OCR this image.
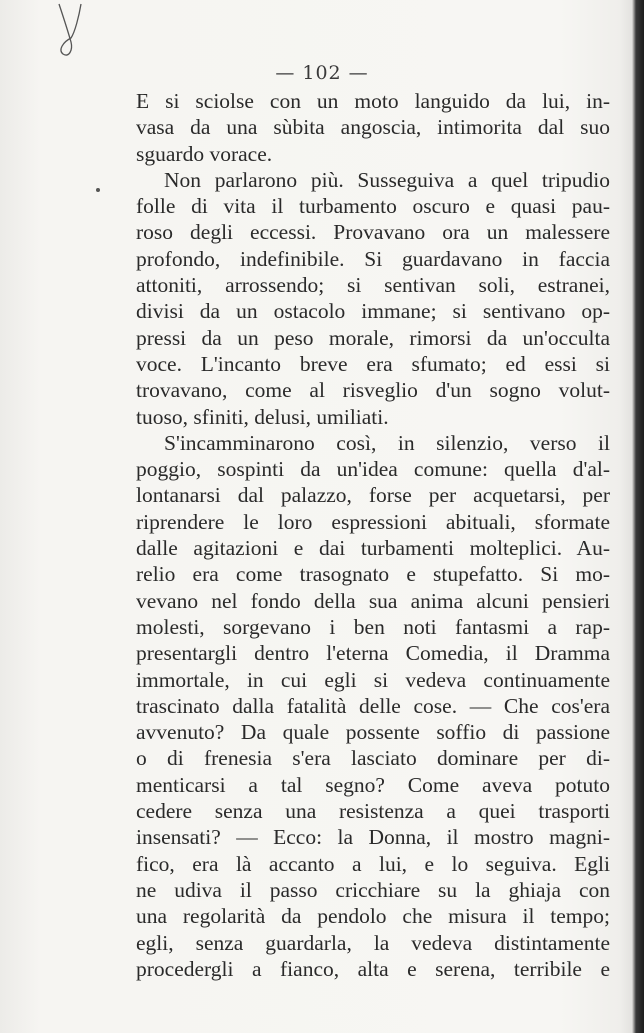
— 102 —
E si sciolse con un moto languido da lui, in-
vasa da una sùbita angoscia, intimorita dal suo
sguardo vorace.
Non parlarono più. Susseguiva a quel tripudio
folle di vita il turbamento oscuro e quasi pau-
roso degli eccessi. Provavano ora un malessere
profondo, indefinibile. Si guardavano in faccia
attoniti, arrossendo; si sentivan soli, estranei,
divisi da un ostacolo immane; si sentivano op-
pressi da un peso morale, rimorsi da un'occulta
voce. L'incanto breve era sfumato; ed essi si
trovavano, come al risveglio d'un sogno volut-
tuoso, sfiniti, delusi, umiliati.
S'incamminarono così, in silenzio, verso il
poggio, sospinti da un'idea comune: quella d'al-
lontanarsi dal palazzo, forse per acquetarsi, per
riprendere le loro espressioni abituali, sformate
dalle agitazioni e dai turbamenti molteplici. Au-
relio era come trasognato e stupefatto. Si mo-
vevano nel fondo della sua anima alcuni pensieri
molesti, sorgevano i ben noti fantasmi a rap-
presentargli dentro l'eterna Comedia, il Dramma
immortale, in cui egli si vedeva continuamente
trascinato dalla fatalità delle cose. — Che cos'era
avvenuto? Da quale possente soffio di passione
o di frenesia s'era lasciato dominare per di-
menticarsi a tal segno? Come aveva potuto
cedere senza una resistenza a quei trasporti
insensati? — Ecco: la Donna, il mostro magni-
fico, era là accanto a lui, e lo seguiva. Egli
ne udiva il passo cricchiare su la ghiaja con
una regolarità da pendolo che misura il tempo;
egli, senza guardarla, la vedeva distintamente
procedergli a fianco, alta e serena, terribile e
